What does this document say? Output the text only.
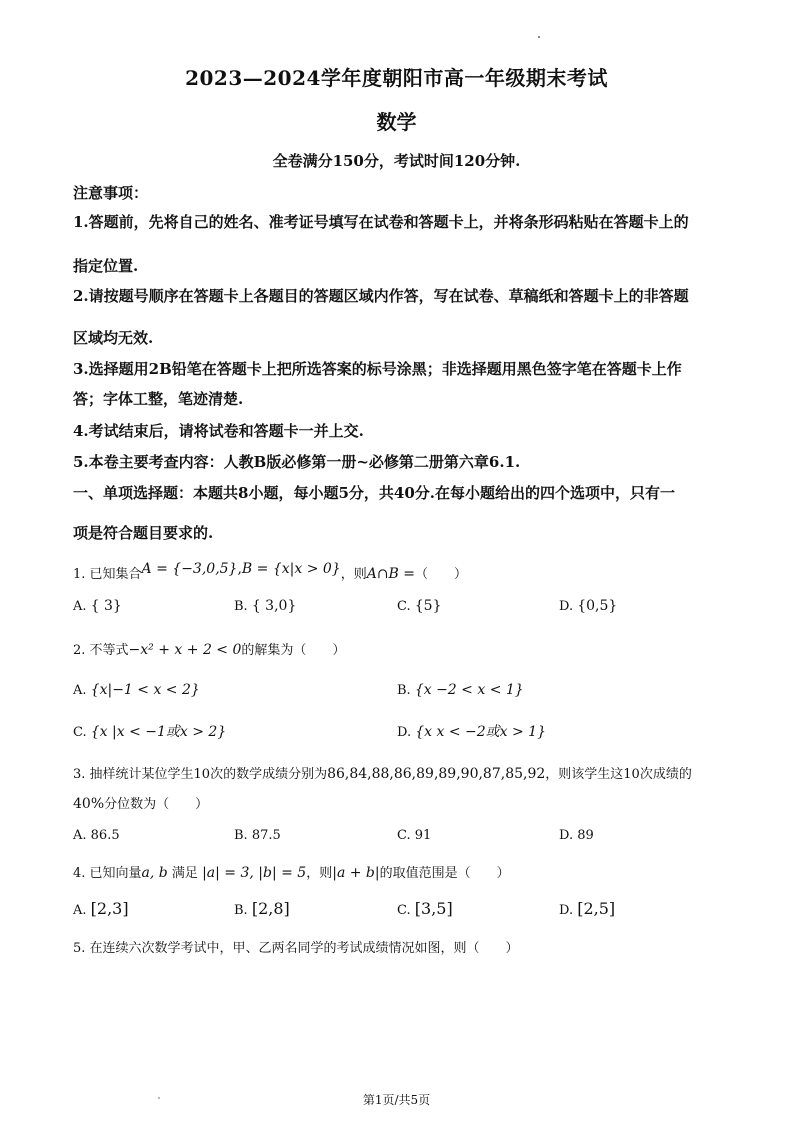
2023—2024学年度朝阳市高一年级期末考试
数学
全卷满分150分，考试时间120分钟.
注意事项：
1.答题前，先将自己的姓名、准考证号填写在试卷和答题卡上，并将条形码粘贴在答题卡上的
指定位置.
2.请按题号顺序在答题卡上各题目的答题区域内作答，写在试卷、草稿纸和答题卡上的非答题
区域均无效.
3.选择题用2B铅笔在答题卡上把所选答案的标号涂黑；非选择题用黑色签字笔在答题卡上作
答；字体工整，笔迹清楚.
4.考试结束后，请将试卷和答题卡一并上交.
5.本卷主要考查内容：人教B版必修第一册~必修第二册第六章6.1.
一、单项选择题：本题共8小题，每小题5分，共40分.在每小题给出的四个选项中，只有一
项是符合题目要求的.
1. 已知集合A = {−3,0,5},B = {x|x > 0}，则A∩B =（　　）
A. { 3}	B. { 3,0}	C. {5}	D. {0,5}
2. 不等式−x² + x + 2 < 0的解集为（　　）
A. {x|−1 < x < 2}	B. {x −2 < x < 1}
C. {x |x < −1或x > 2}	D. {x x < −2或x > 1}
3. 抽样统计某位学生10次的数学成绩分别为86,84,88,86,89,89,90,87,85,92，则该学生这10次成绩的
40%分位数为（　　）
A. 86.5	B. 87.5	C. 91	D. 89
4. 已知向量a, b 满足 |a| = 3, |b| = 5，则|a + b|的取值范围是（　　）
A. [2,3]	B. [2,8]	C. [3,5]	D. [2,5]
5. 在连续六次数学考试中，甲、乙两名同学的考试成绩情况如图，则（　　）
第1页/共5页
